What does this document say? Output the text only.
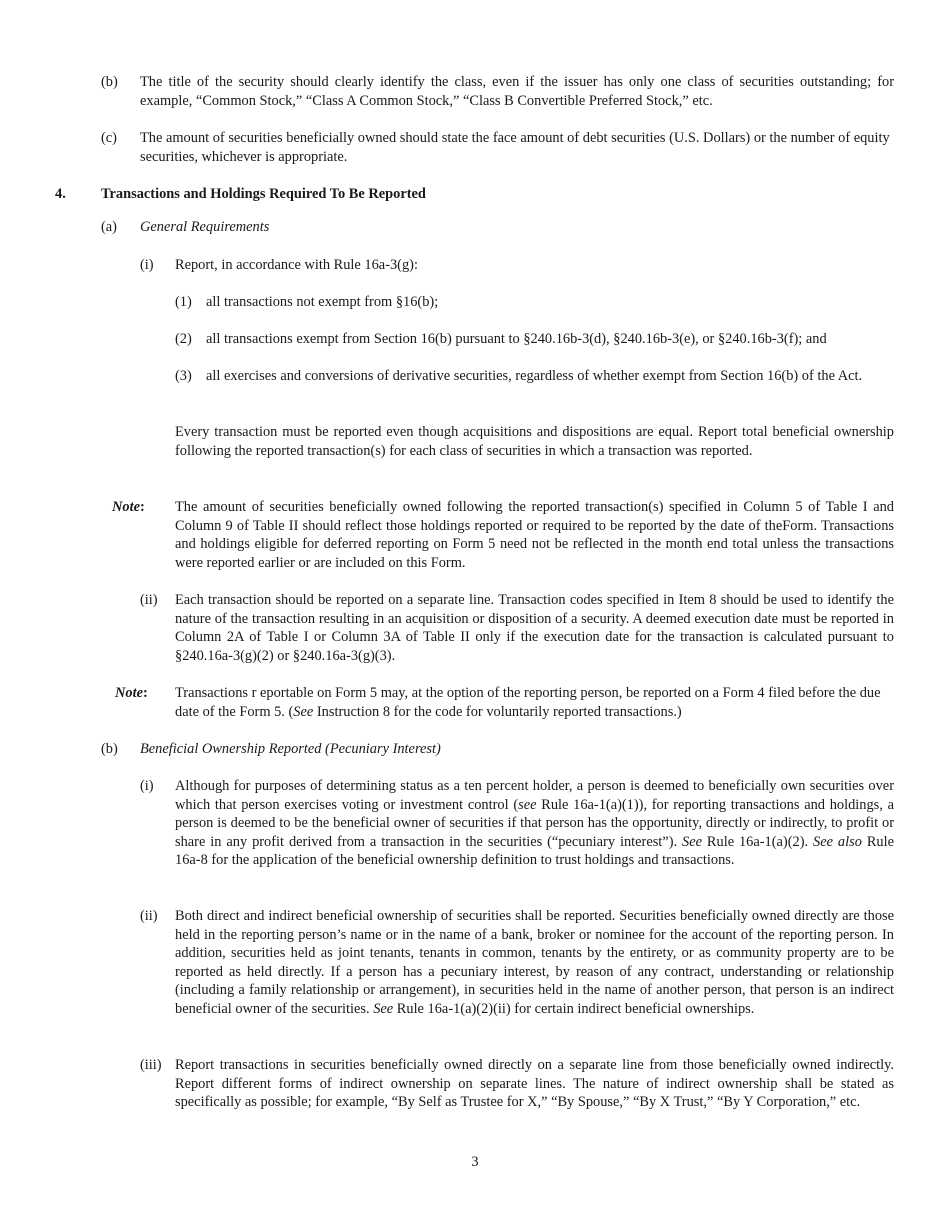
(b) The title of the security should clearly identify the class, even if the issuer has only one class of securities outstanding; for example, “Common Stock,” “Class A Common Stock,” “Class B Convertible Preferred Stock,” etc.
(c) The amount of securities beneficially owned should state the face amount of debt securities (U.S. Dollars) or the number of equity securities, whichever is appropriate.
4. Transactions and Holdings Required To Be Reported
(a) General Requirements
(i) Report, in accordance with Rule 16a-3(g):
(1) all transactions not exempt from §16(b);
(2) all transactions exempt from Section 16(b) pursuant to §240.16b-3(d), §240.16b-3(e), or §240.16b-3(f); and
(3) all exercises and conversions of derivative securities, regardless of whether exempt from Section 16(b) of the Act.
Every transaction must be reported even though acquisitions and dispositions are equal. Report total beneficial ownership following the reported transaction(s) for each class of securities in which a transaction was reported.
Note: The amount of securities beneficially owned following the reported transaction(s) specified in Column 5 of Table I and Column 9 of Table II should reflect those holdings reported or required to be reported by the date of theForm. Transactions and holdings eligible for deferred reporting on Form 5 need not be reflected in the month end total unless the transactions were reported earlier or are included on this Form.
(ii) Each transaction should be reported on a separate line. Transaction codes specified in Item 8 should be used to identify the nature of the transaction resulting in an acquisition or disposition of a security. A deemed execution date must be reported in Column 2A of Table I or Column 3A of Table II only if the execution date for the transaction is calculated pursuant to §240.16a-3(g)(2) or §240.16a-3(g)(3).
Note: Transactions r eportable on Form 5 may, at the option of the reporting person, be reported on a Form 4 filed before the due date of the Form 5. (See Instruction 8 for the code for voluntarily reported transactions.)
(b) Beneficial Ownership Reported (Pecuniary Interest)
(i) Although for purposes of determining status as a ten percent holder, a person is deemed to beneficially own securities over which that person exercises voting or investment control (see Rule 16a-1(a)(1)), for reporting transactions and holdings, a person is deemed to be the beneficial owner of securities if that person has the opportunity, directly or indirectly, to profit or share in any profit derived from a transaction in the securities (“pecuniary interest”). See Rule 16a-1(a)(2). See also Rule 16a-8 for the application of the beneficial ownership definition to trust holdings and transactions.
(ii) Both direct and indirect beneficial ownership of securities shall be reported. Securities beneficially owned directly are those held in the reporting person’s name or in the name of a bank, broker or nominee for the account of the reporting person. In addition, securities held as joint tenants, tenants in common, tenants by the entirety, or as community property are to be reported as held directly. If a person has a pecuniary interest, by reason of any contract, understanding or relationship (including a family relationship or arrangement), in securities held in the name of another person, that person is an indirect beneficial owner of the securities. See Rule 16a-1(a)(2)(ii) for certain indirect beneficial ownerships.
(iii) Report transactions in securities beneficially owned directly on a separate line from those beneficially owned indirectly. Report different forms of indirect ownership on separate lines. The nature of indirect ownership shall be stated as specifically as possible; for example, “By Self as Trustee for X,” “By Spouse,” “By X Trust,” “By Y Corporation,” etc.
3
